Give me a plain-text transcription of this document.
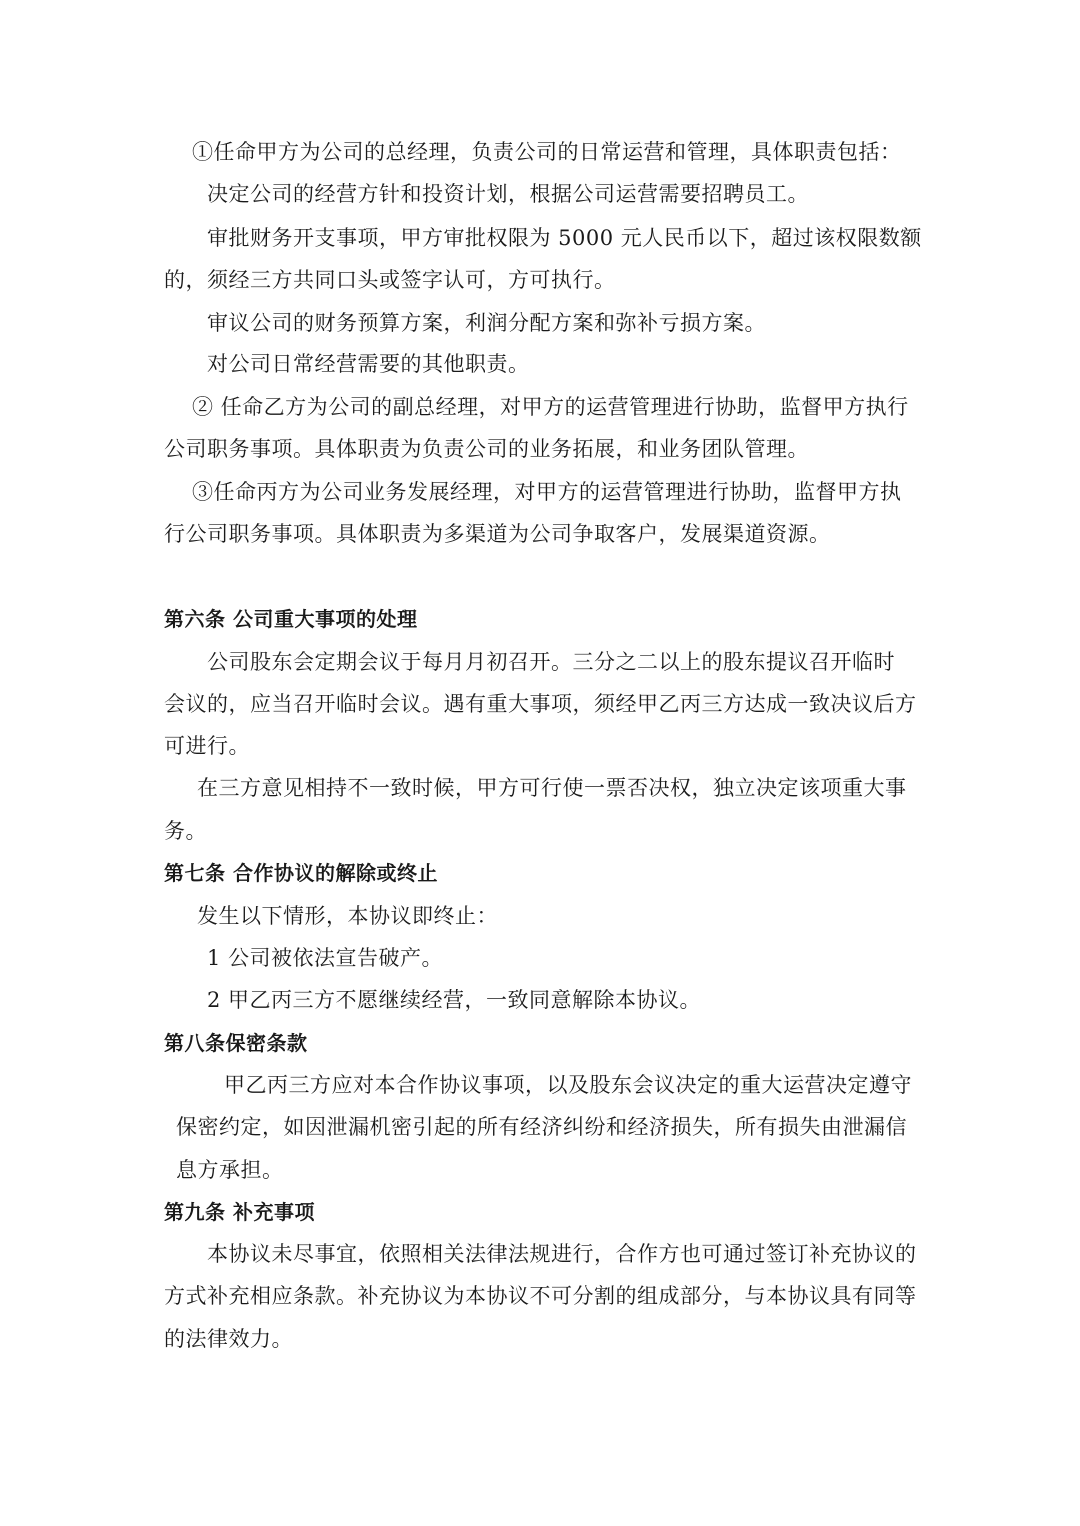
①任命甲方为公司的总经理，负责公司的日常运营和管理，具体职责包括：
决定公司的经营方针和投资计划，根据公司运营需要招聘员工。
审批财务开支事项，甲方审批权限为 5000 元人民币以下，超过该权限数额
的，须经三方共同口头或签字认可，方可执行。
审议公司的财务预算方案，利润分配方案和弥补亏损方案。
对公司日常经营需要的其他职责。
② 任命乙方为公司的副总经理，对甲方的运营管理进行协助，监督甲方执行
公司职务事项。具体职责为负责公司的业务拓展，和业务团队管理。
③任命丙方为公司业务发展经理，对甲方的运营管理进行协助，监督甲方执
行公司职务事项。具体职责为多渠道为公司争取客户，发展渠道资源。
第六条 公司重大事项的处理
公司股东会定期会议于每月月初召开。三分之二以上的股东提议召开临时
会议的，应当召开临时会议。遇有重大事项，须经甲乙丙三方达成一致决议后方
可进行。
在三方意见相持不一致时候，甲方可行使一票否决权，独立决定该项重大事
务。
第七条 合作协议的解除或终止
发生以下情形，本协议即终止：
1 公司被依法宣告破产。
2 甲乙丙三方不愿继续经营，一致同意解除本协议。
第八条保密条款
甲乙丙三方应对本合作协议事项，以及股东会议决定的重大运营决定遵守
保密约定，如因泄漏机密引起的所有经济纠纷和经济损失，所有损失由泄漏信
息方承担。
第九条 补充事项
本协议未尽事宜，依照相关法律法规进行，合作方也可通过签订补充协议的
方式补充相应条款。补充协议为本协议不可分割的组成部分，与本协议具有同等
的法律效力。
